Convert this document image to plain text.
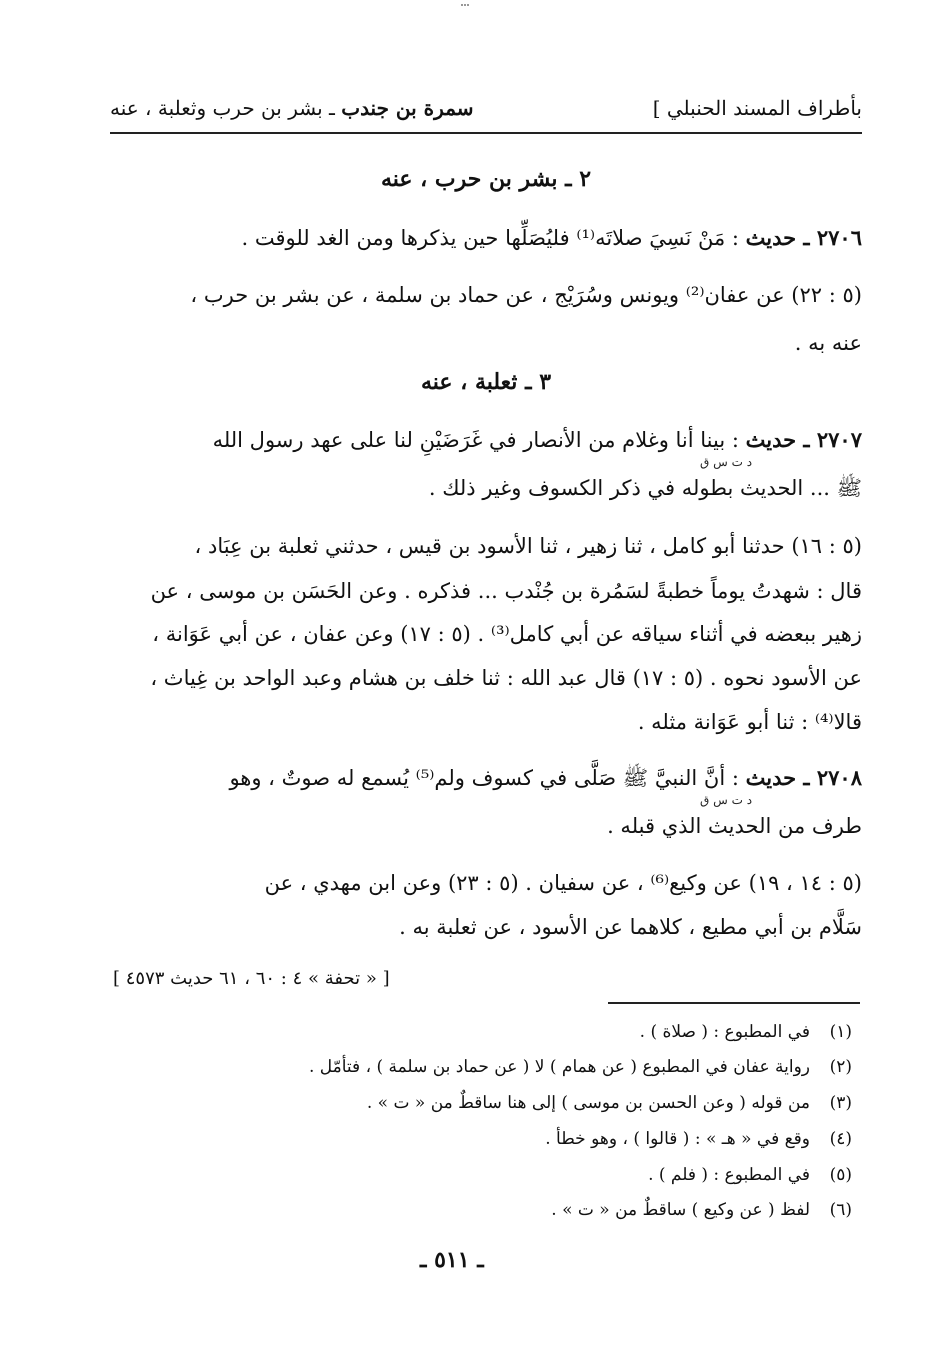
بأطراف المسند الحنبلي ]
سمرة بن جندب ـ بشر بن حرب وثعلبة ، عنه
٢ ـ بشر بن حرب ، عنه
٢٧٠٦ ـ حديث : مَنْ نَسِيَ صلاتَه⁽¹⁾ فليُصَلِّها حين يذكرها ومن الغد للوقت .
(٥ : ٢٢) عن عفان⁽²⁾ ويونس وسُرَيْج ، عن حماد بن سلمة ، عن بشر بن حرب ،
عنه به .
٣ ـ ثعلبة ، عنه
٢٧٠٧ ـ حديث : بينا أنا وغلام من الأنصار في غَرَضَيْنِ لنا على عهد رسول الله
د ت س ق
ﷺ ... الحديث بطوله في ذكر الكسوف وغير ذلك .
(٥ : ١٦) حدثنا أبو كامل ، ثنا زهير ، ثنا الأسود بن قيس ، حدثني ثعلبة بن عِبَاد ،
قال : شهدتُ يوماً خطبةً لسَمُرة بن جُنْدب ... فذكره . وعن الحَسَن بن موسى ، عن
زهير ببعضه في أثناء سياقه عن أبي كامل⁽³⁾ . (٥ : ١٧) وعن عفان ، عن أبي عَوَانة ،
عن الأسود نحوه . (٥ : ١٧) قال عبد الله : ثنا خلف بن هشام وعبد الواحد بن غِياث ،
قالا⁽⁴⁾ : ثنا أبو عَوَانة مثله .
٢٧٠٨ ـ حديث : أنَّ النبيَّ ﷺ صَلَّى في كسوف ولم⁽⁵⁾ يُسمع له صوتٌ ، وهو
د ت س ق
طرف من الحديث الذي قبله .
(٥ : ١٤ ، ١٩) عن وكيع⁽⁶⁾ ، عن سفيان . (٥ : ٢٣) وعن ابن مهدي ، عن
سَلَّام بن أبي مطيع ، كلاهما عن الأسود ، عن ثعلبة به .
[ « تحفة » ٤ : ٦٠ ، ٦١ حديث ٤٥٧٣ ]
(١)في المطبوع : ( صلاة ) .
(٢)رواية عفان في المطبوع ( عن همام ) لا ( عن حماد بن سلمة ) ، فتأمّل .
(٣)من قوله ( وعن الحسن بن موسى ) إلى هنا ساقطٌ من « ت » .
(٤)وقع في « هـ » : ( قالوا ) ، وهو خطأ .
(٥)في المطبوع : ( فلم ) .
(٦)لفظ ( عن وكيع ) ساقطٌ من « ت » .
ـ ٥١١ ـ
